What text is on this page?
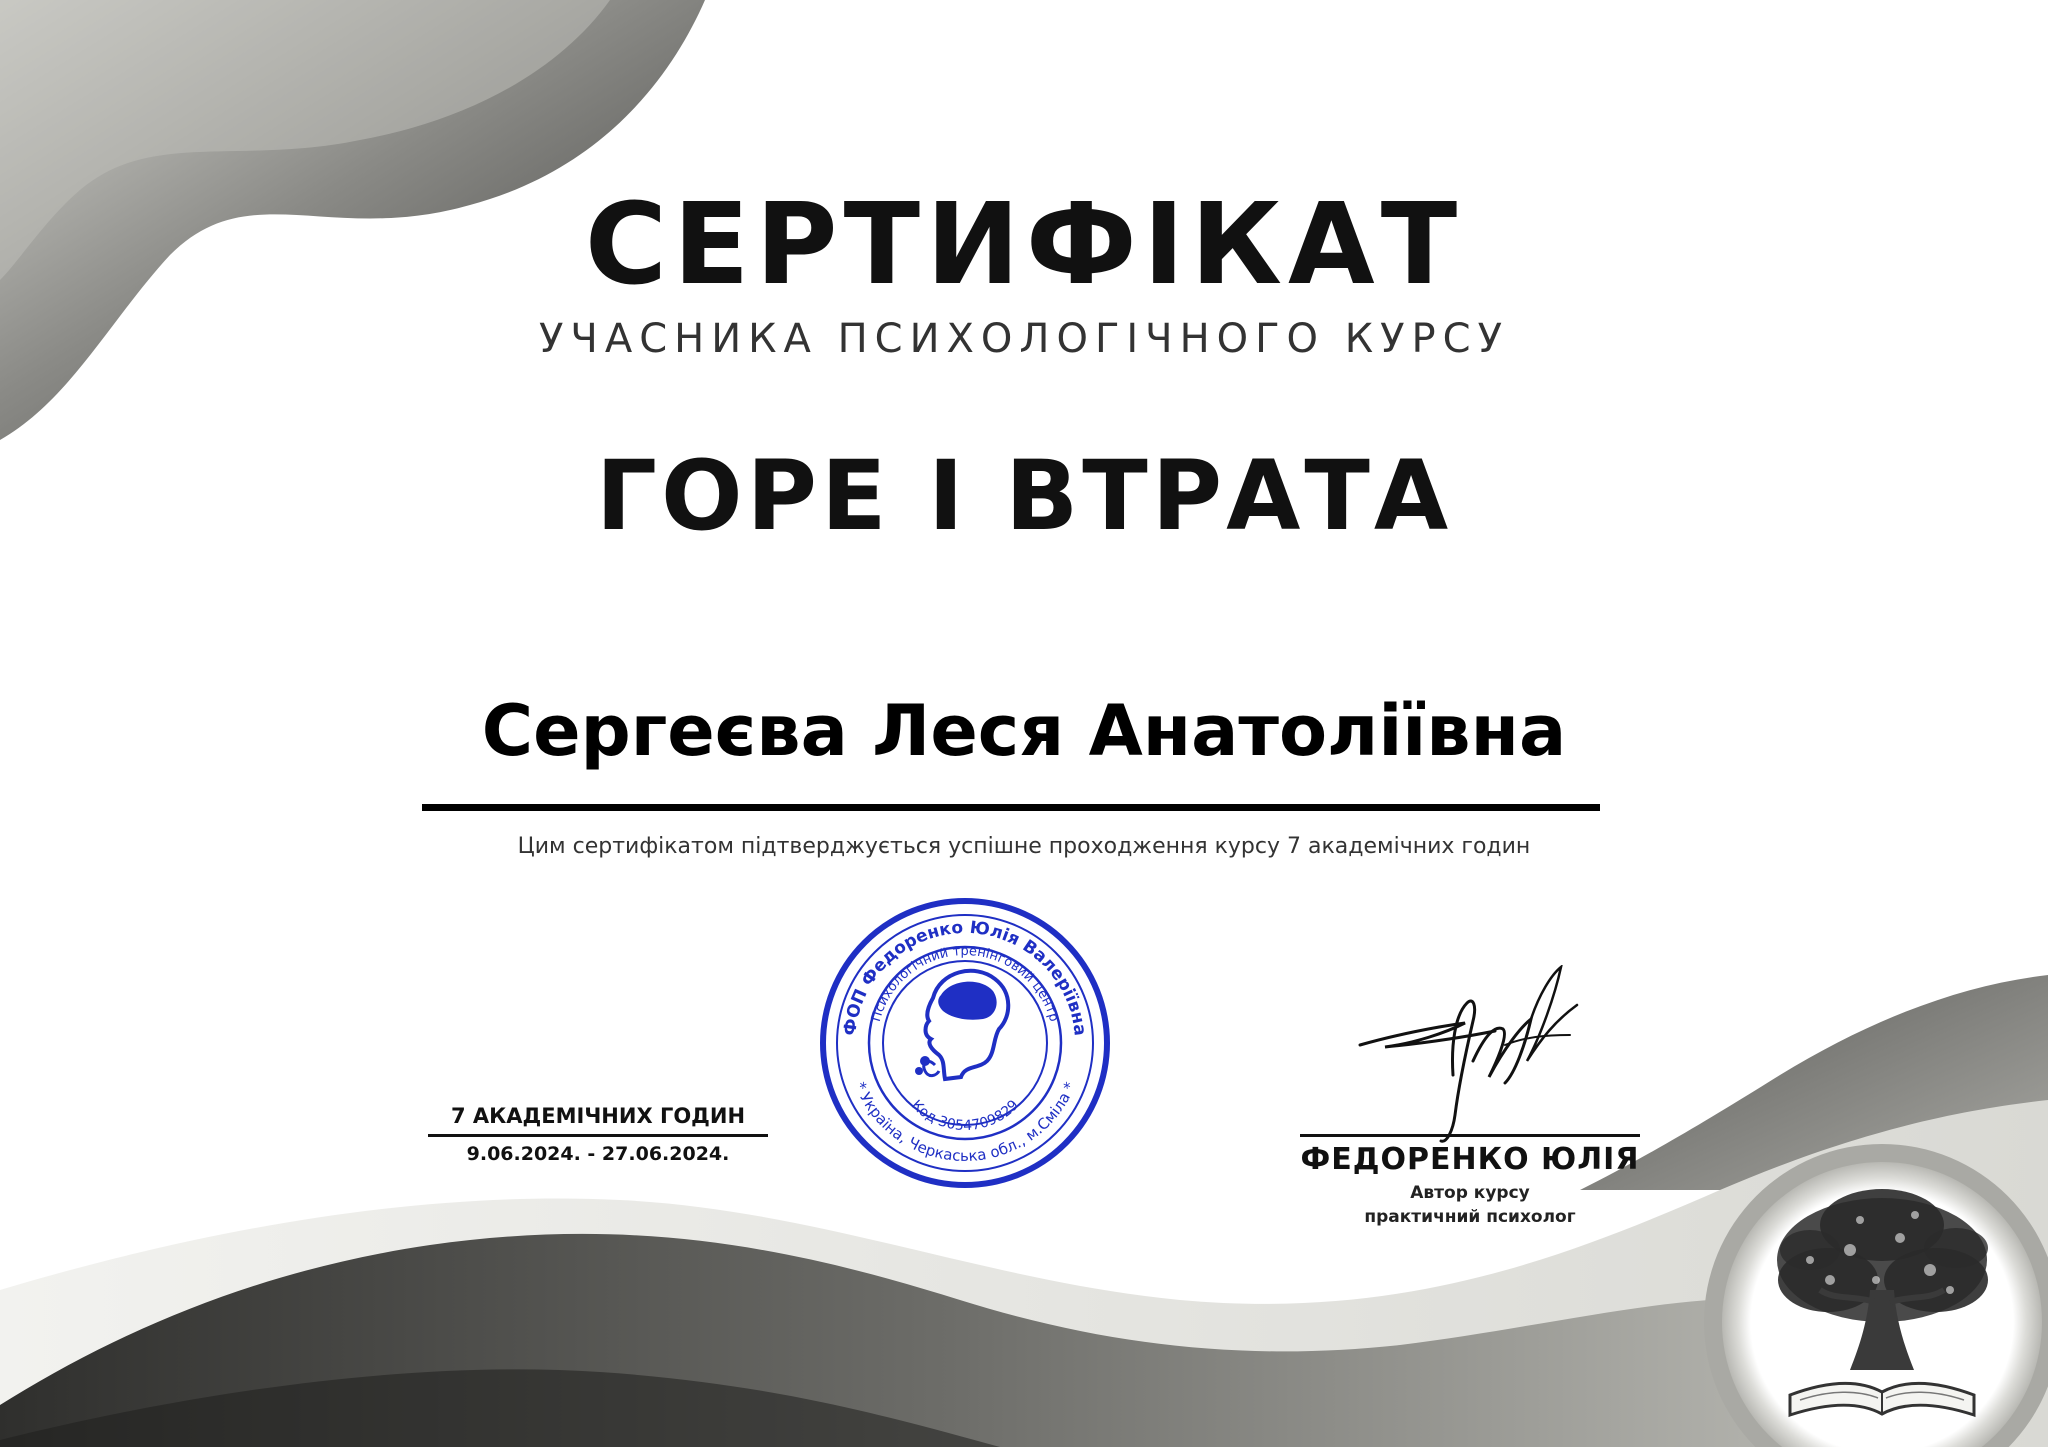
СЕРТИФІКАТ
УЧАСНИКА ПСИХОЛОГІЧНОГО КУРСУ
ГОРЕ І ВТРАТА
Сергеєва Леся Анатоліївна
Цим сертифікатом підтверджується успішне проходження курсу 7 академічних годин
7 АКАДЕМІЧНИХ ГОДИН
9.06.2024. - 27.06.2024.
ФОП Федоренко Юлія Валеріївна
* Україна, Черкаська обл., м.Сміла *
Психологічний тренінговий центр
Код 3054709829
ФЕДОРЕНКО ЮЛІЯ
Автор курсу
практичний психолог
